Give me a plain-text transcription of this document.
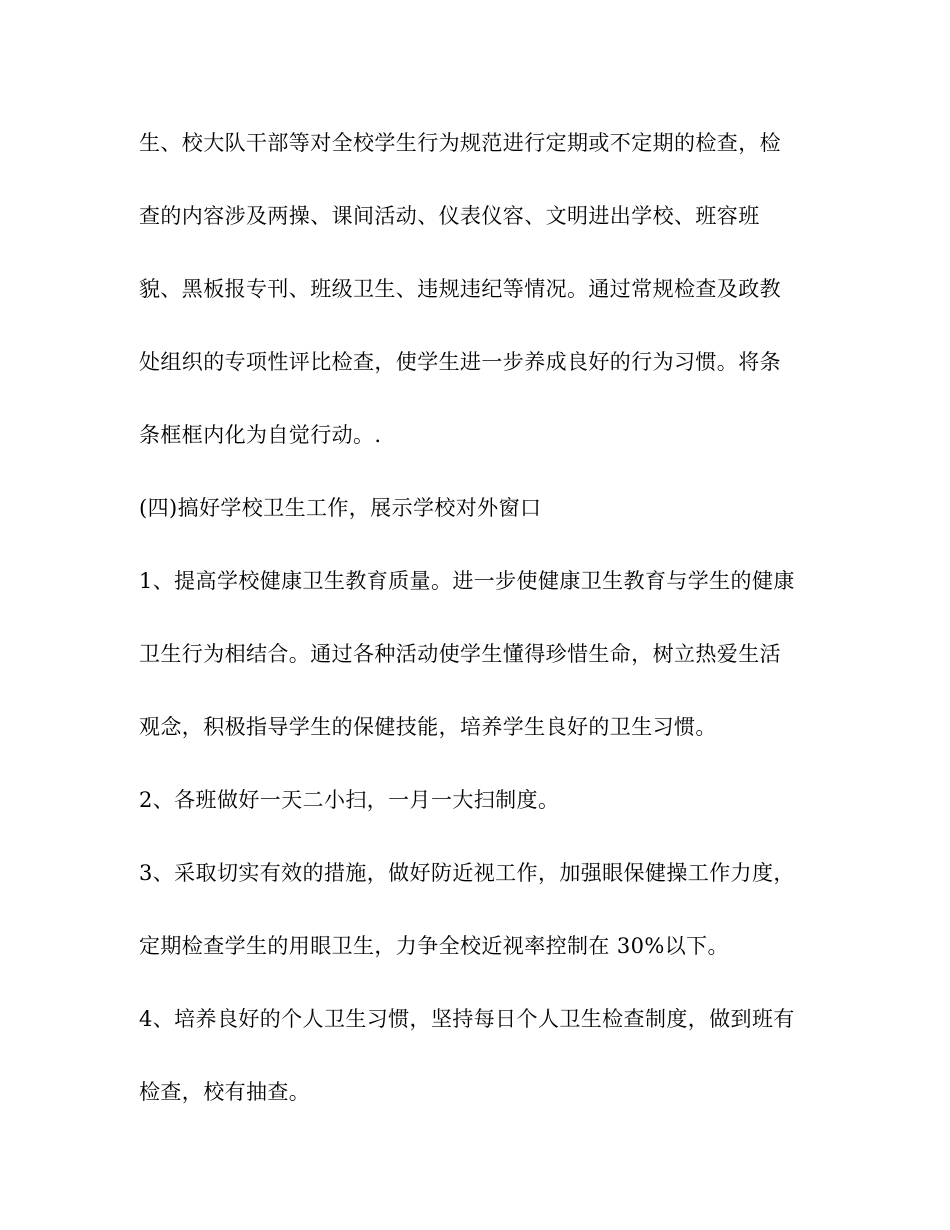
生、校大队干部等对全校学生行为规范进行定期或不定期的检查，检
查的内容涉及两操、课间活动、仪表仪容、文明进出学校、班容班
貌、黑板报专刊、班级卫生、违规违纪等情况。通过常规检查及政教
处组织的专项性评比检查，使学生进一步养成良好的行为习惯。将条
条框框内化为自觉行动。.
(四)搞好学校卫生工作，展示学校对外窗口
1、提高学校健康卫生教育质量。进一步使健康卫生教育与学生的健康
卫生行为相结合。通过各种活动使学生懂得珍惜生命，树立热爱生活
观念，积极指导学生的保健技能，培养学生良好的卫生习惯。
2、各班做好一天二小扫，一月一大扫制度。
3、采取切实有效的措施，做好防近视工作，加强眼保健操工作力度，
定期检查学生的用眼卫生，力争全校近视率控制在 30%以下。
4、培养良好的个人卫生习惯，坚持每日个人卫生检查制度，做到班有
检查，校有抽查。
